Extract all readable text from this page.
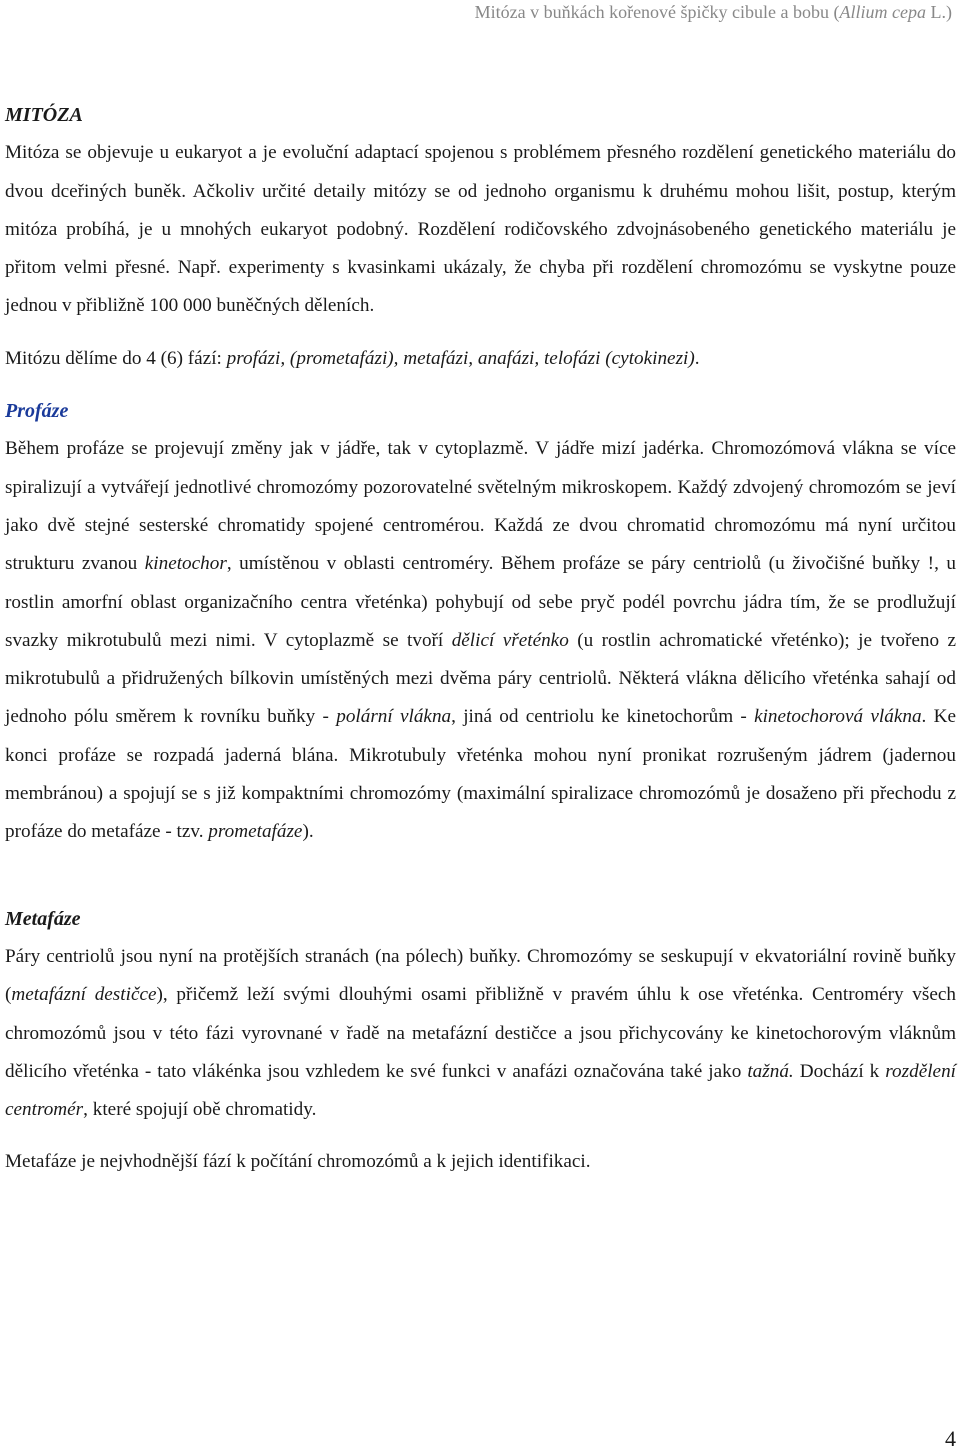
Mitóza v buňkách kořenové špičky cibule a bobu (Allium cepa L.)
MITÓZA

Mitóza se objevuje u eukaryot a je evoluční adaptací spojenou s problémem přesného rozdělení genetického materiálu do dvou dceřiných buněk. Ačkoliv určité detaily mitózy se od jednoho organismu k druhému mohou lišit, postup, kterým mitóza probíhá, je u mnohých eukaryot podobný. Rozdělení rodičovského zdvojnásobeného genetického materiálu je přitom velmi přesné. Např. experimenty s kvasinkami ukázaly, že chyba při rozdělení chromozómu se vyskytne pouze jednou v přibližně 100 000 buněčných děleních.

Mitózu dělíme do 4 (6) fází: profázi, (prometafázi), metafázi, anafázi, telofázi (cytokinezi).

Profáze

Během profáze se projevují změny jak v jádře, tak v cytoplazmě. V jádře mizí jadérka. Chromozómová vlákna se více spiralizují a vytvářejí jednotlivé chromozómy pozorovatelné světelným mikroskopem. Každý zdvojený chromozóm se jeví jako dvě stejné sesterské chromatidy spojené centromérou. Každá ze dvou chromatid chromozómu má nyní určitou strukturu zvanou kinetochor, umístěnou v oblasti centroméry. Během profáze se páry centriolů (u živočišné buňky !, u rostlin amorfní oblast organizačního centra vřeténka) pohybují od sebe pryč podél povrchu jádra tím, že se prodlužují svazky mikrotubulů mezi nimi. V cytoplazmě se tvoří dělicí vřeténko (u rostlin achromatické vřeténko); je tvořeno z mikrotubulů a přidružených bílkovin umístěných mezi dvěma páry centriolů. Některá vlákna dělicího vřeténka sahají od jednoho pólu směrem k rovníku buňky - polární vlákna, jiná od centriolu ke kinetochorům - kinetochorová vlákna. Ke konci profáze se rozpadá jaderná blána. Mikrotubuly vřeténka mohou nyní pronikat rozrušeným jádrem (jadernou membránou) a spojují se s již kompaktními chromozómy (maximální spiralizace chromozómů je dosaženo při přechodu z profáze do metafáze - tzv. prometafáze).

Metafáze

Páry centriolů jsou nyní na protějších stranách (na pólech) buňky. Chromozómy se seskupují v ekvatoriální rovině buňky (metafázní destičce), přičemž leží svými dlouhými osami přibližně v pravém úhlu k ose vřeténka. Centroméry všech chromozómů jsou v této fázi vyrovnané v řadě na metafázní destičce a jsou přichycovány ke kinetochorovým vláknům dělicího vřeténka - tato vlákénka jsou vzhledem ke své funkci v anafázi označována také jako tažná. Dochází k rozdělení centromér, které spojují obě chromatidy.

Metafáze je nejvhodnější fází k počítání chromozómů a k jejich identifikaci.

4
